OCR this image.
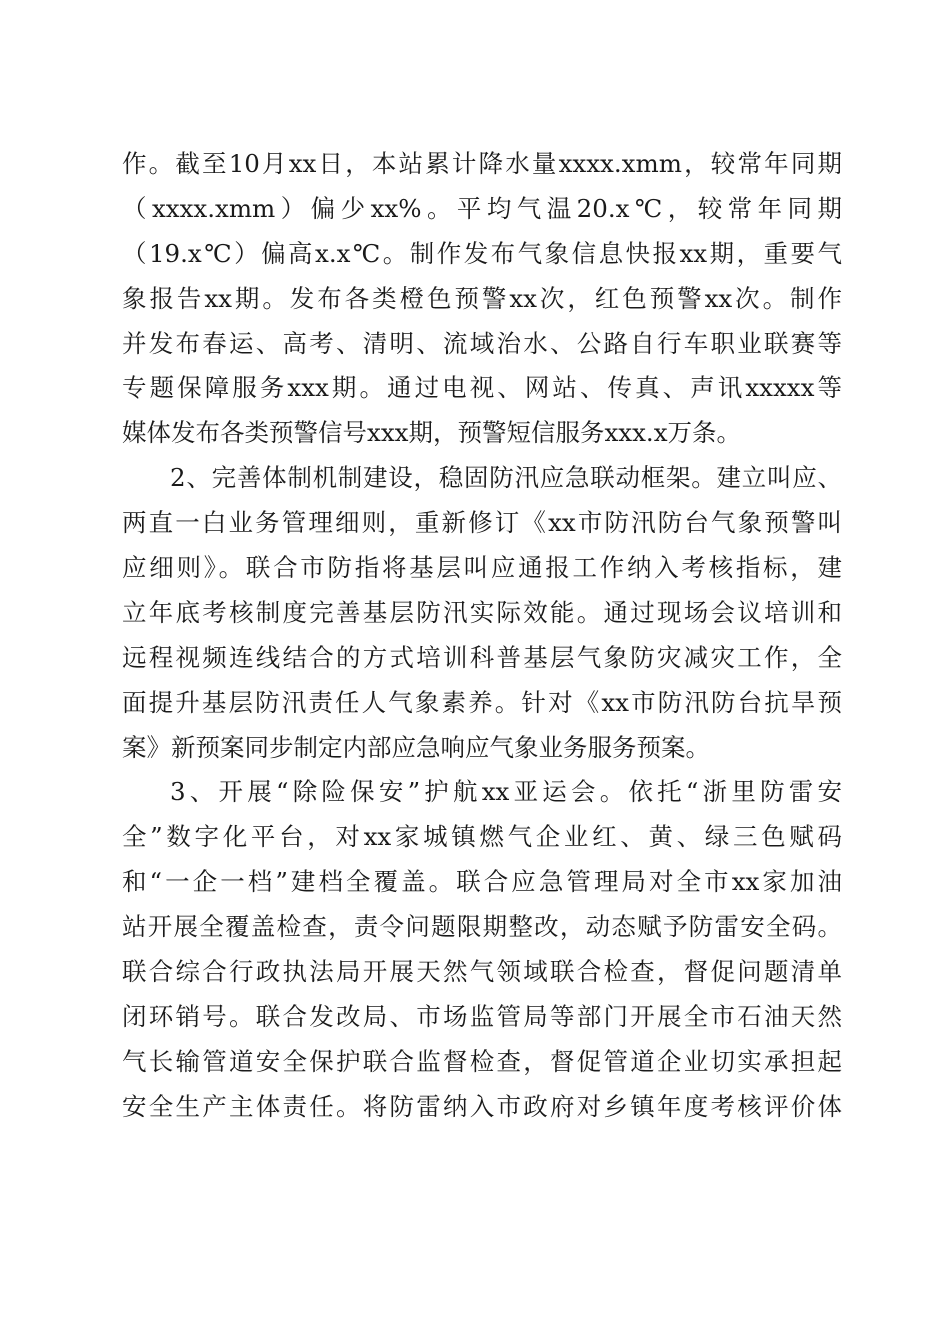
作。截至10月xx日，本站累计降水量xxxx.xmm，较常年同期
（xxxx.xmm）偏少xx%。平均气温20.x℃，较常年同期
（19.x℃）偏高x.x℃。制作发布气象信息快报xx期，重要气
象报告xx期。发布各类橙色预警xx次，红色预警xx次。制作
并发布春运、高考、清明、流域治水、公路自行车职业联赛等
专题保障服务xxx期。通过电视、网站、传真、声讯xxxxx等
媒体发布各类预警信号xxx期，预警短信服务xxx.x万条。
2、完善体制机制建设，稳固防汛应急联动框架。建立叫应、
两直一白业务管理细则，重新修订《xx市防汛防台气象预警叫
应细则》。联合市防指将基层叫应通报工作纳入考核指标，建
立年底考核制度完善基层防汛实际效能。通过现场会议培训和
远程视频连线结合的方式培训科普基层气象防灾减灾工作，全
面提升基层防汛责任人气象素养。针对《xx市防汛防台抗旱预
案》新预案同步制定内部应急响应气象业务服务预案。
3、开展“除险保安”护航xx亚运会。依托“浙里防雷安
全”数字化平台，对xx家城镇燃气企业红、黄、绿三色赋码
和“一企一档”建档全覆盖。联合应急管理局对全市xx家加油
站开展全覆盖检查，责令问题限期整改，动态赋予防雷安全码。
联合综合行政执法局开展天然气领域联合检查，督促问题清单
闭环销号。联合发改局、市场监管局等部门开展全市石油天然
气长输管道安全保护联合监督检查，督促管道企业切实承担起
安全生产主体责任。将防雷纳入市政府对乡镇年度考核评价体
